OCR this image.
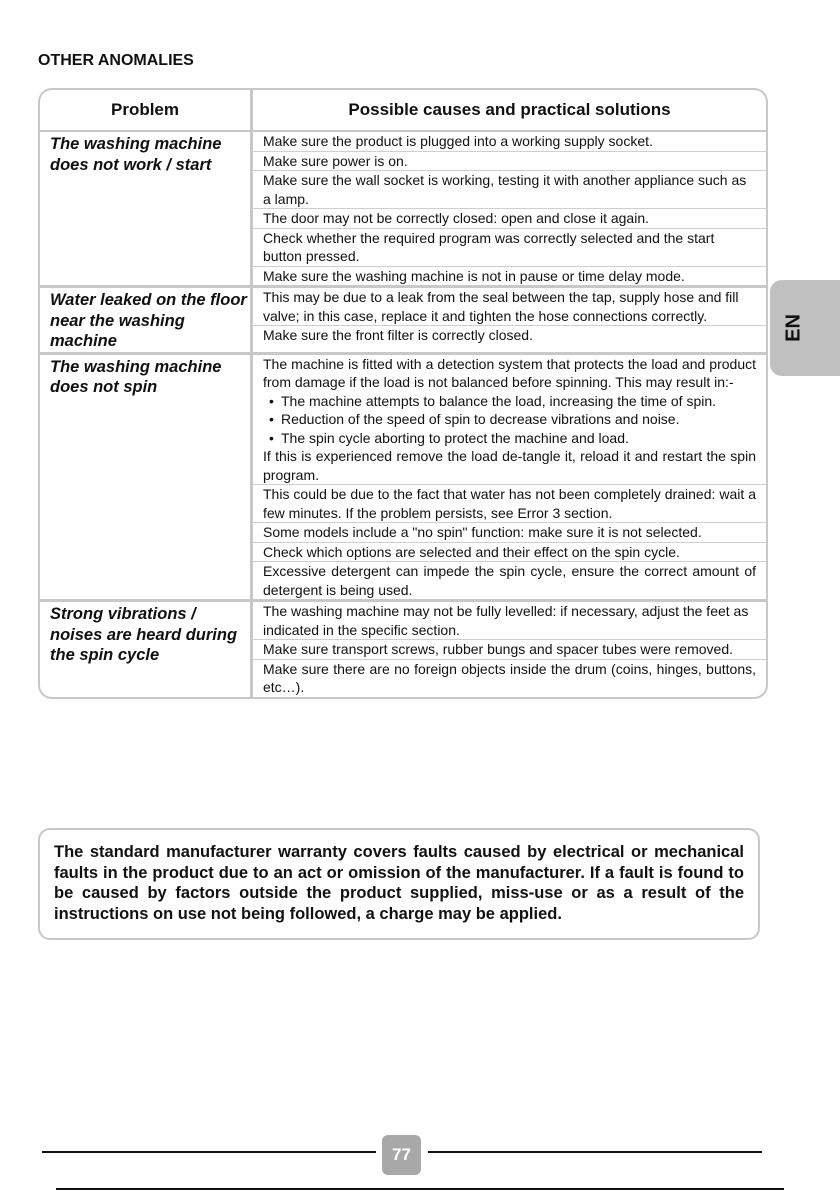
OTHER ANOMALIES
Problem	Possible causes and practical solutions
The washing machine does not work / start
Make sure the product is plugged into a working supply socket.
Make sure power is on.
Make sure the wall socket is working, testing it with another appliance such as a lamp.
The door may not be correctly closed: open and close it again.
Check whether the required program was correctly selected and the start button pressed.
Make sure the washing machine is not in pause or time delay mode.
Water leaked on the floor near the washing machine
This may be due to a leak from the seal between the tap, supply hose and fill valve; in this case, replace it and tighten the hose connections correctly.
Make sure the front filter is correctly closed.
The washing machine does not spin
The machine is fitted with a detection system that protects the load and product from damage if the load is not balanced before spinning. This may result in:-
• The machine attempts to balance the load, increasing the time of spin.
• Reduction of the speed of spin to decrease vibrations and noise.
• The spin cycle aborting to protect the machine and load.
If this is experienced remove the load de-tangle it, reload it and restart the spin program.
This could be due to the fact that water has not been completely drained: wait a few minutes. If the problem persists, see Error 3 section.
Some models include a "no spin" function: make sure it is not selected.
Check which options are selected and their effect on the spin cycle.
Excessive detergent can impede the spin cycle, ensure the correct amount of detergent is being used.
Strong vibrations / noises are heard during the spin cycle
The washing machine may not be fully levelled: if necessary, adjust the feet as indicated in the specific section.
Make sure transport screws, rubber bungs and spacer tubes were removed.
Make sure there are no foreign objects inside the drum (coins, hinges, buttons, etc…).
The standard manufacturer warranty covers faults caused by electrical or mechanical faults in the product due to an act or omission of the manufacturer. If a fault is found to be caused by factors outside the product supplied, miss-use or as a result of the instructions on use not being followed, a charge may be applied.
EN
77
